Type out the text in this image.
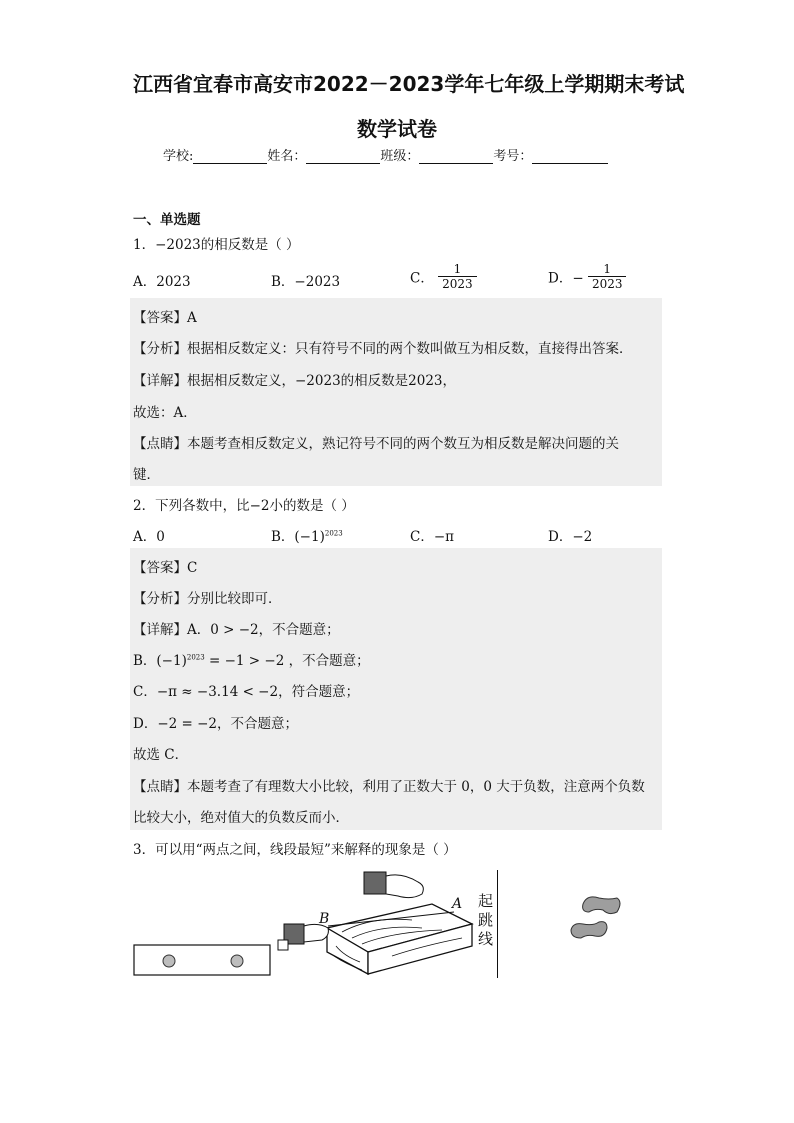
江西省宜春市高安市2022－2023学年七年级上学期期末考试
数学试卷
学校:	姓名：	班级：	考号：
一、单选题
1．−2023的相反数是（ ）
A．2023	B．−2023	C． $\frac{1}{2023}$	D．− $\frac{1}{2023}$
【答案】A
【分析】根据相反数定义：只有符号不同的两个数叫做互为相反数，直接得出答案．
【详解】根据相反数定义，−2023的相反数是2023，
故选：A．
【点睛】本题考查相反数定义，熟记符号不同的两个数互为相反数是解决问题的关
键．
2．下列各数中，比−2小的数是（ ）
A．0	B．$(-1)^{2023}$	C．−π	D．−2
【答案】C
【分析】分别比较即可．
【详解】A．0 > −2，不合题意；
B．$(-1)^{2023} = -1 > -2$ ，不合题意；
C．−π ≈ −3.14 < −2，符合题意；
D．−2 = −2，不合题意；
故选 C．
【点睛】本题考查了有理数大小比较，利用了正数大于 0，0 大于负数，注意两个负数
比较大小，绝对值大的负数反而小．
3．可以用“两点之间，线段最短”来解释的现象是（ ）
B
A 起
跳
线
